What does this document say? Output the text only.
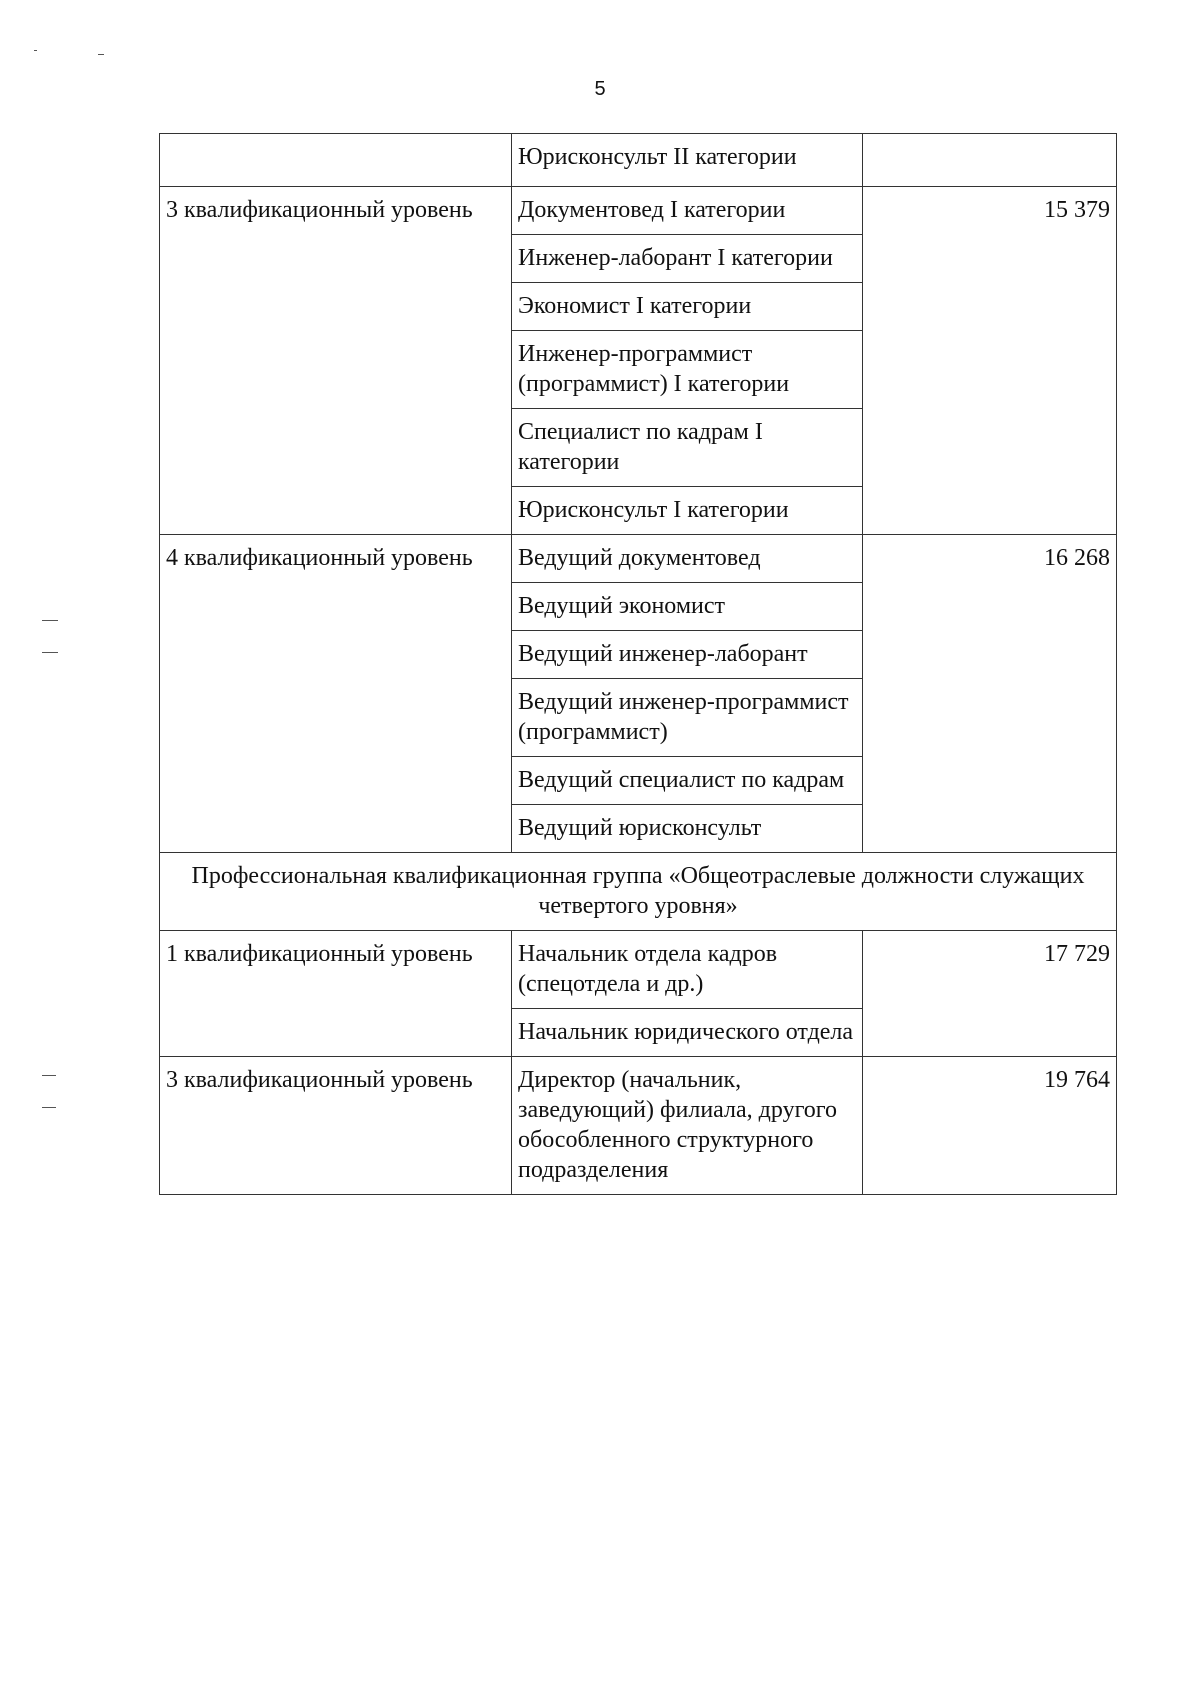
5
	Юрисконсульт II категории	
3 квалификационный уровень	Документовед I категории	15 379
	Инженер-лаборант I категории	
	Экономист I категории	
	Инженер-программист (программист) I категории	
	Специалист по кадрам I категории	
	Юрисконсульт I категории	
4 квалификационный уровень	Ведущий документовед	16 268
	Ведущий экономист	
	Ведущий инженер-лаборант	
	Ведущий инженер-программист (программист)	
	Ведущий специалист по кадрам	
	Ведущий юрисконсульт	
Профессиональная квалификационная группа «Общеотраслевые должности служащих четвертого уровня»		
1 квалификационный уровень	Начальник отдела кадров (спецотдела и др.)	17 729
	Начальник юридического отдела	
3 квалификационный уровень	Директор (начальник, заведующий) филиала, другого обособленного структурного подразделения	19 764
